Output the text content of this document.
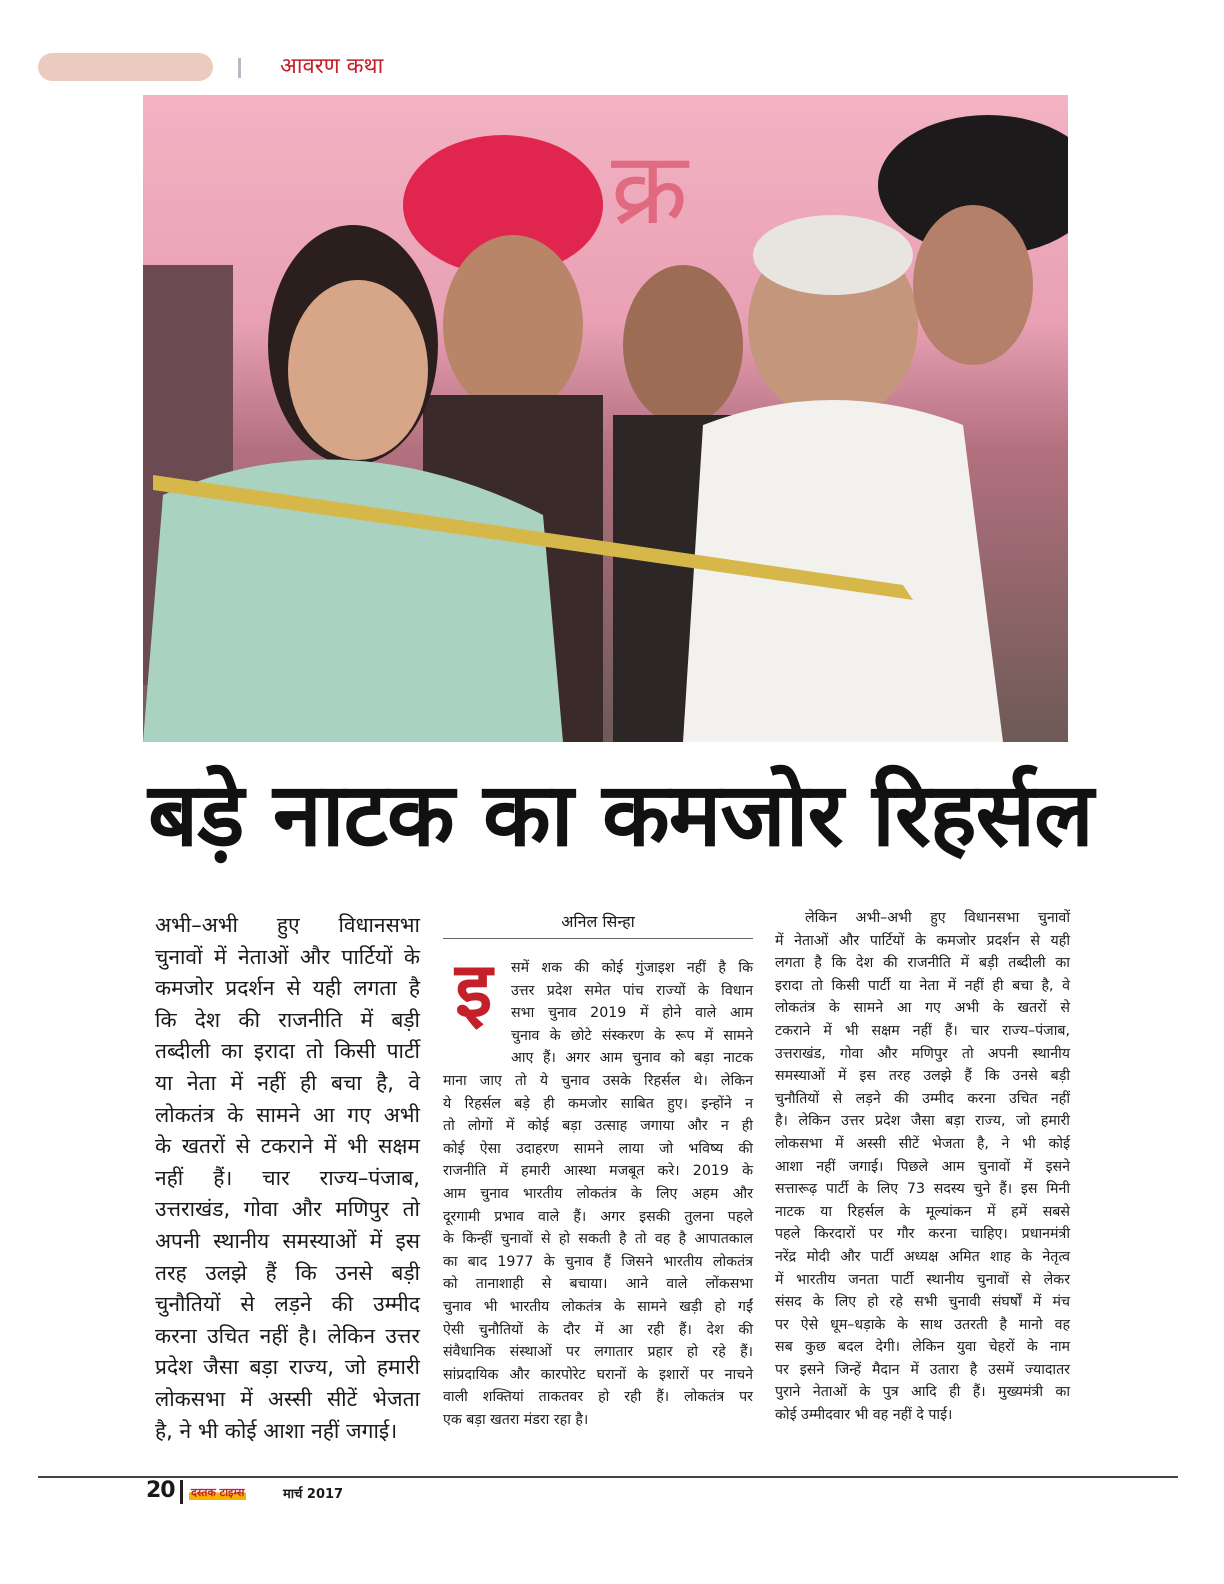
आवरण कथा
क्र
बड़े नाटक का कमजोर रिहर्सल
अभी–अभी हुए विधानसभा
चुनावों में नेताओं और पार्टियों के
कमजोर प्रदर्शन से यही लगता है
कि देश की राजनीति में बड़ी
तब्दीली का इरादा तो किसी पार्टी
या नेता में नहीं ही बचा है, वे
लोकतंत्र के सामने आ गए अभी
के खतरों से टकराने में भी सक्षम
नहीं हैं। चार राज्य–पंजाब,
उत्तराखंड, गोवा और मणिपुर तो
अपनी स्थानीय समस्याओं में इस
तरह उलझे हैं कि उनसे बड़ी
चुनौतियों से लड़ने की उम्मीद
करना उचित नहीं है। लेकिन उत्तर
प्रदेश जैसा बड़ा राज्य, जो हमारी
लोकसभा में अस्सी सीटें भेजता
है, ने भी कोई आशा नहीं जगाई।
अनिल सिन्हा
इ समें शक की कोई गुंजाइश नहीं है कि
उत्तर प्रदेश समेत पांच राज्यों के विधान
सभा चुनाव 2019 में होने वाले आम
चुनाव के छोटे संस्करण के रूप में सामने
आए हैं। अगर आम चुनाव को बड़ा नाटक
माना जाए तो ये चुनाव उसके रिहर्सल थे। लेकिन
ये रिहर्सल बड़े ही कमजोर साबित हुए। इन्होंने न
तो लोगों में कोई बड़ा उत्साह जगाया और न ही
कोई ऐसा उदाहरण सामने लाया जो भविष्य की
राजनीति में हमारी आस्था मजबूत करे। 2019 के
आम चुनाव भारतीय लोकतंत्र के लिए अहम और
दूरगामी प्रभाव वाले हैं। अगर इसकी तुलना पहले
के किन्हीं चुनावों से हो सकती है तो वह है आपातकाल
का बाद 1977 के चुनाव हैं जिसने भारतीय लोकतंत्र
को तानाशाही से बचाया। आने वाले लोंकसभा
चुनाव भी भारतीय लोकतंत्र के सामने खड़ी हो गईं
ऐसी चुनौतियों के दौर में आ रही हैं। देश की
संवैधानिक संस्थाओं पर लगातार प्रहार हो रहे हैं।
सांप्रदायिक और कारपोरेट घरानों के इशारों पर नाचने
वाली शक्तियां ताकतवर हो रही हैं। लोकतंत्र पर
एक बड़ा खतरा मंडरा रहा है।
लेकिन अभी–अभी हुए विधानसभा चुनावों
में नेताओं और पार्टियों के कमजोर प्रदर्शन से यही
लगता है कि देश की राजनीति में बड़ी तब्दीली का
इरादा तो किसी पार्टी या नेता में नहीं ही बचा है, वे
लोकतंत्र के सामने आ गए अभी के खतरों से
टकराने में भी सक्षम नहीं हैं। चार राज्य–पंजाब,
उत्तराखंड, गोवा और मणिपुर तो अपनी स्थानीय
समस्याओं में इस तरह उलझे हैं कि उनसे बड़ी
चुनौतियों से लड़ने की उम्मीद करना उचित नहीं
है। लेकिन उत्तर प्रदेश जैसा बड़ा राज्य, जो हमारी
लोकसभा में अस्सी सीटें भेजता है, ने भी कोई
आशा नहीं जगाई। पिछले आम चुनावों में इसने
सत्तारूढ़ पार्टी के लिए 73 सदस्य चुने हैं। इस मिनी
नाटक या रिहर्सल के मूल्यांकन में हमें सबसे
पहले किरदारों पर गौर करना चाहिए। प्रधानमंत्री
नरेंद्र मोदी और पार्टी अध्यक्ष अमित शाह के नेतृत्व
में भारतीय जनता पार्टी स्थानीय चुनावों से लेकर
संसद के लिए हो रहे सभी चुनावी संघर्षों में मंच
पर ऐसे धूम–धड़ाके के साथ उतरती है मानो वह
सब कुछ बदल देगी। लेकिन युवा चेहरों के नाम
पर इसने जिन्हें मैदान में उतारा है उसमें ज्यादातर
पुराने नेताओं के पुत्र आदि ही हैं। मुख्यमंत्री का
कोई उम्मीदवार भी वह नहीं दे पाई।
20 दस्तक टाइम्स	मार्च 2017
